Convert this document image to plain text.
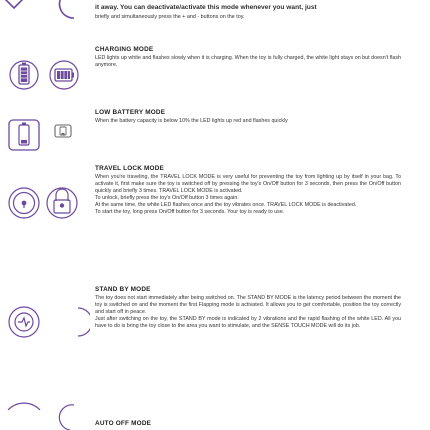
it away. You can deactivate/activate this mode whenever you want, just
briefly and simultaneously press the + and - buttons on the toy.
CHARGING MODE

LED lights up white and flashes slowly when it is charging. When the toy is fully charged, the white light stays on but doesn't flash anymore.

LOW BATTERY MODE

When the battery capacity is below 10% the LED lights up red and flashes quickly

TRAVEL LOCK MODE
When you're traveling, the TRAVEL LOCK MODE is very useful for preventing the toy from lighting up by itself in your bag. To activate it, first make sure the toy is switched off by pressing the toy's On/Off button for 3 seconds, then press the On/Off button quickly and briefly 3 times. TRAVEL LOCK MODE is activated.
To unlock, briefly press the toy's On/Off button 3 times again.
At the same time, the white LED flashes once and the toy vibrates once. TRAVEL LOCK MODE is deactivated.
To start the toy, long press On/Off button for 3 seconds. Your toy is ready to use.
STAND BY MODE
The toy does not start immediately after being switched on. The STAND BY MODE is the latency period between the moment the toy is switched on and the moment the first Flapping mode is activated. It allows you to get comfortable, position the toy correctly and start off in peace.
Just after switching on the toy, the STAND BY mode is indicated by 2 vibrations and the rapid flashing of the white LED. All you have to do is bring the toy close to the area you want to stimulate, and the SENSE TOUCH MODE will do its job.
AUTO OFF MODE
